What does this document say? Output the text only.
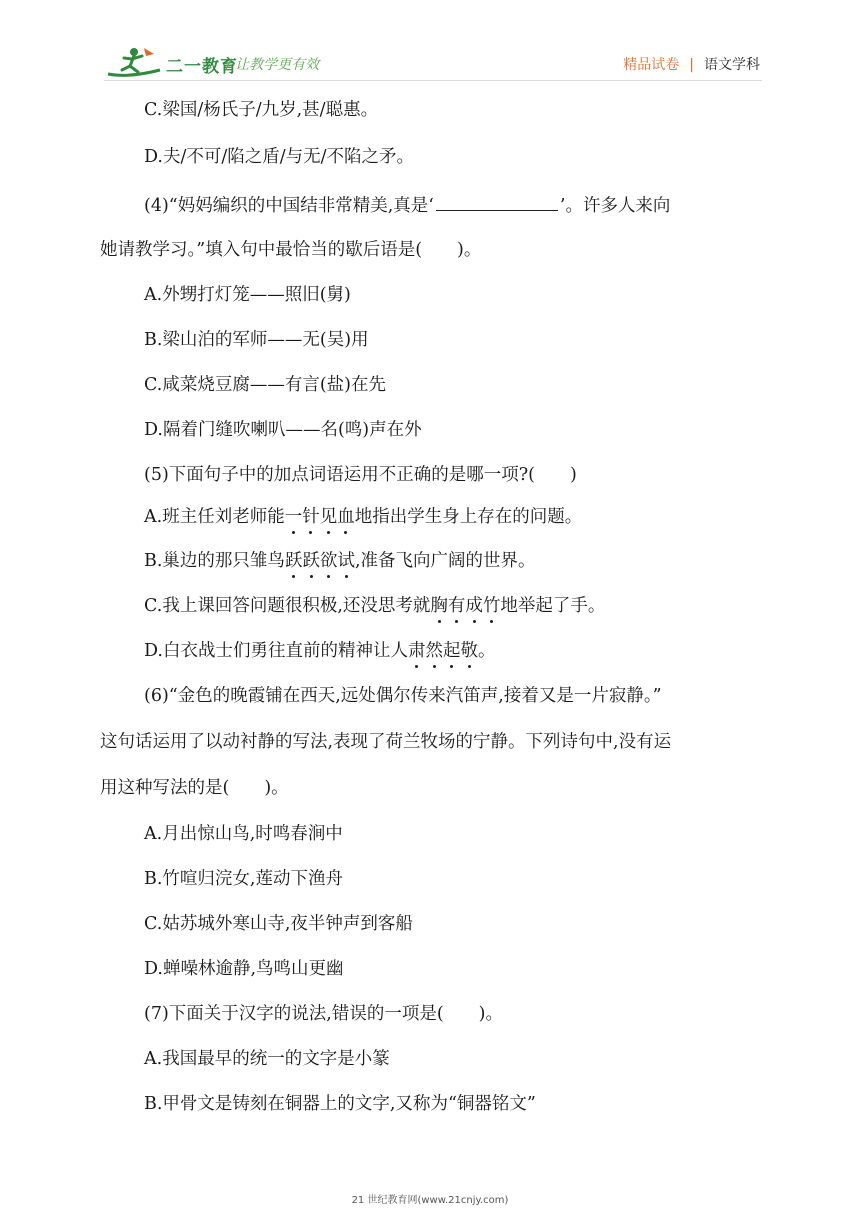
二一教育
/ 让教学更有效	精品试卷 | 语文学科
C.梁国/杨氏子/九岁,甚/聪惠。
D.夫/不可/陷之盾/与无/不陷之矛。
(4)“妈妈编织的中国结非常精美,真是‘	’。许多人来向
她请教学习。”填入句中最恰当的歇后语是(　　)。
A.外甥打灯笼——照旧(舅)
B.梁山泊的军师——无(吴)用
C.咸菜烧豆腐——有言(盐)在先
D.隔着门缝吹喇叭——名(鸣)声在外
(5)下面句子中的加点词语运用不正确的是哪一项?(　　)
A.班主任刘老师能一针见血地指出学生身上存在的问题。
B.巢边的那只雏鸟跃跃欲试,准备飞向广阔的世界。
C.我上课回答问题很积极,还没思考就胸有成竹地举起了手。
D.白衣战士们勇往直前的精神让人肃然起敬。
(6)“金色的晚霞铺在西天,远处偶尔传来汽笛声,接着又是一片寂静。”
这句话运用了以动衬静的写法,表现了荷兰牧场的宁静。下列诗句中,没有运
用这种写法的是(　　)。
A.月出惊山鸟,时鸣春涧中
B.竹喧归浣女,莲动下渔舟
C.姑苏城外寒山寺,夜半钟声到客船
D.蝉噪林逾静,鸟鸣山更幽
(7)下面关于汉字的说法,错误的一项是(　　)。
A.我国最早的统一的文字是小篆
B.甲骨文是铸刻在铜器上的文字,又称为“铜器铭文”
21 世纪教育网(www.21cnjy.com)
